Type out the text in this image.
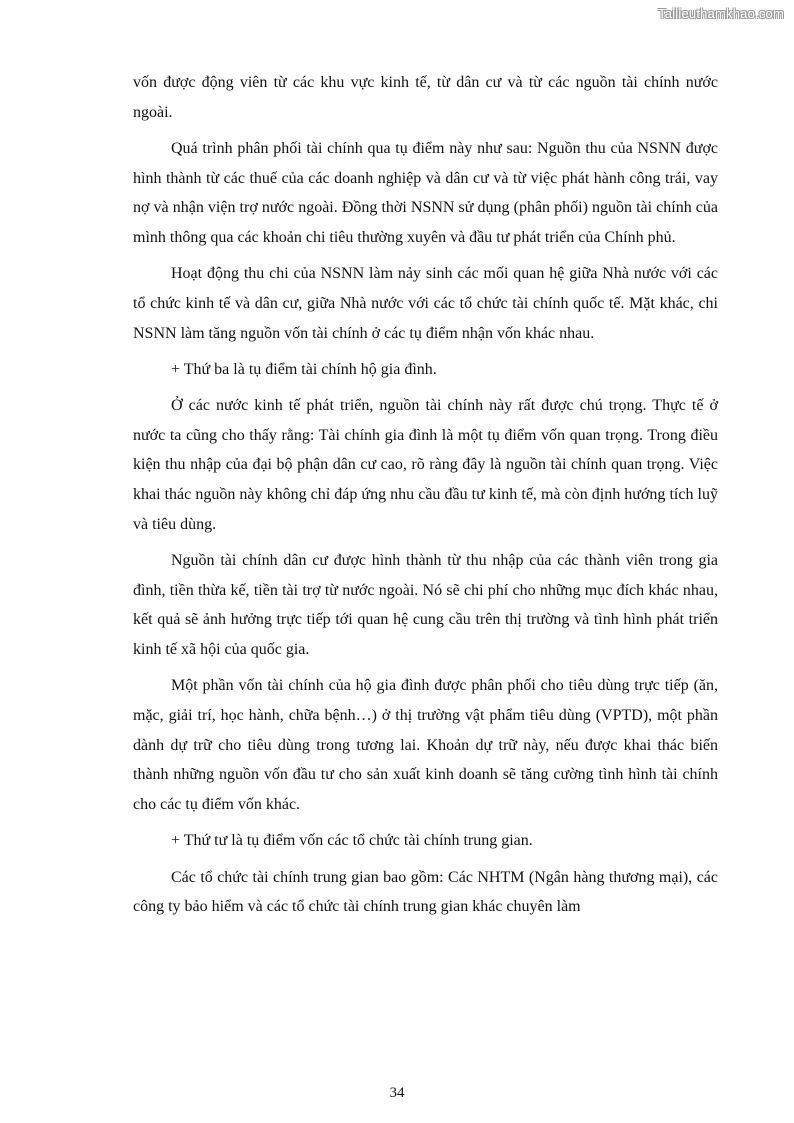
Tailieuthamkhao.com

vốn được động viên từ các khu vực kinh tế, từ dân cư và từ các nguồn tài chính nước ngoài.

Quá trình phân phối tài chính qua tụ điểm này như sau: Nguồn thu của NSNN được hình thành từ các thuế của các doanh nghiệp và dân cư và từ việc phát hành công trái, vay nợ và nhận viện trợ nước ngoài. Đồng thời NSNN sử dụng (phân phối) nguồn tài chính của mình thông qua các khoản chi tiêu thường xuyên và đầu tư phát triển của Chính phủ.

Hoạt động thu chi của NSNN làm nảy sinh các mối quan hệ giữa Nhà nước với các tổ chức kinh tế và dân cư, giữa Nhà nước với các tổ chức tài chính quốc tế. Mặt khác, chi NSNN làm tăng nguồn vốn tài chính ở các tụ điểm nhận vốn khác nhau.

+ Thứ ba là tụ điểm tài chính hộ gia đình.

Ở các nước kinh tế phát triển, nguồn tài chính này rất được chú trọng. Thực tế ở nước ta cũng cho thấy rằng: Tài chính gia đình là một tụ điểm vốn quan trọng. Trong điều kiện thu nhập của đại bộ phận dân cư cao, rõ ràng đây là nguồn tài chính quan trọng. Việc khai thác nguồn này không chỉ đáp ứng nhu cầu đầu tư kinh tế, mà còn định hướng tích luỹ và tiêu dùng.

Nguồn tài chính dân cư được hình thành từ thu nhập của các thành viên trong gia đình, tiền thừa kế, tiền tài trợ từ nước ngoài. Nó sẽ chi phí cho những mục đích khác nhau, kết quả sẽ ảnh hưởng trực tiếp tới quan hệ cung cầu trên thị trường và tình hình phát triển kinh tế xã hội của quốc gia.

Một phần vốn tài chính của hộ gia đình được phân phối cho tiêu dùng trực tiếp (ăn, mặc, giải trí, học hành, chữa bệnh…) ở thị trường vật phẩm tiêu dùng (VPTD), một phần dành dự trữ cho tiêu dùng trong tương lai. Khoản dự trữ này, nếu được khai thác biến thành những nguồn vốn đầu tư cho sản xuất kinh doanh sẽ tăng cường tình hình tài chính cho các tụ điểm vốn khác.

+ Thứ tư là tụ điểm vốn các tổ chức tài chính trung gian.

Các tổ chức tài chính trung gian bao gồm: Các NHTM (Ngân hàng thương mại), các công ty bảo hiểm và các tổ chức tài chính trung gian khác chuyên làm

34
